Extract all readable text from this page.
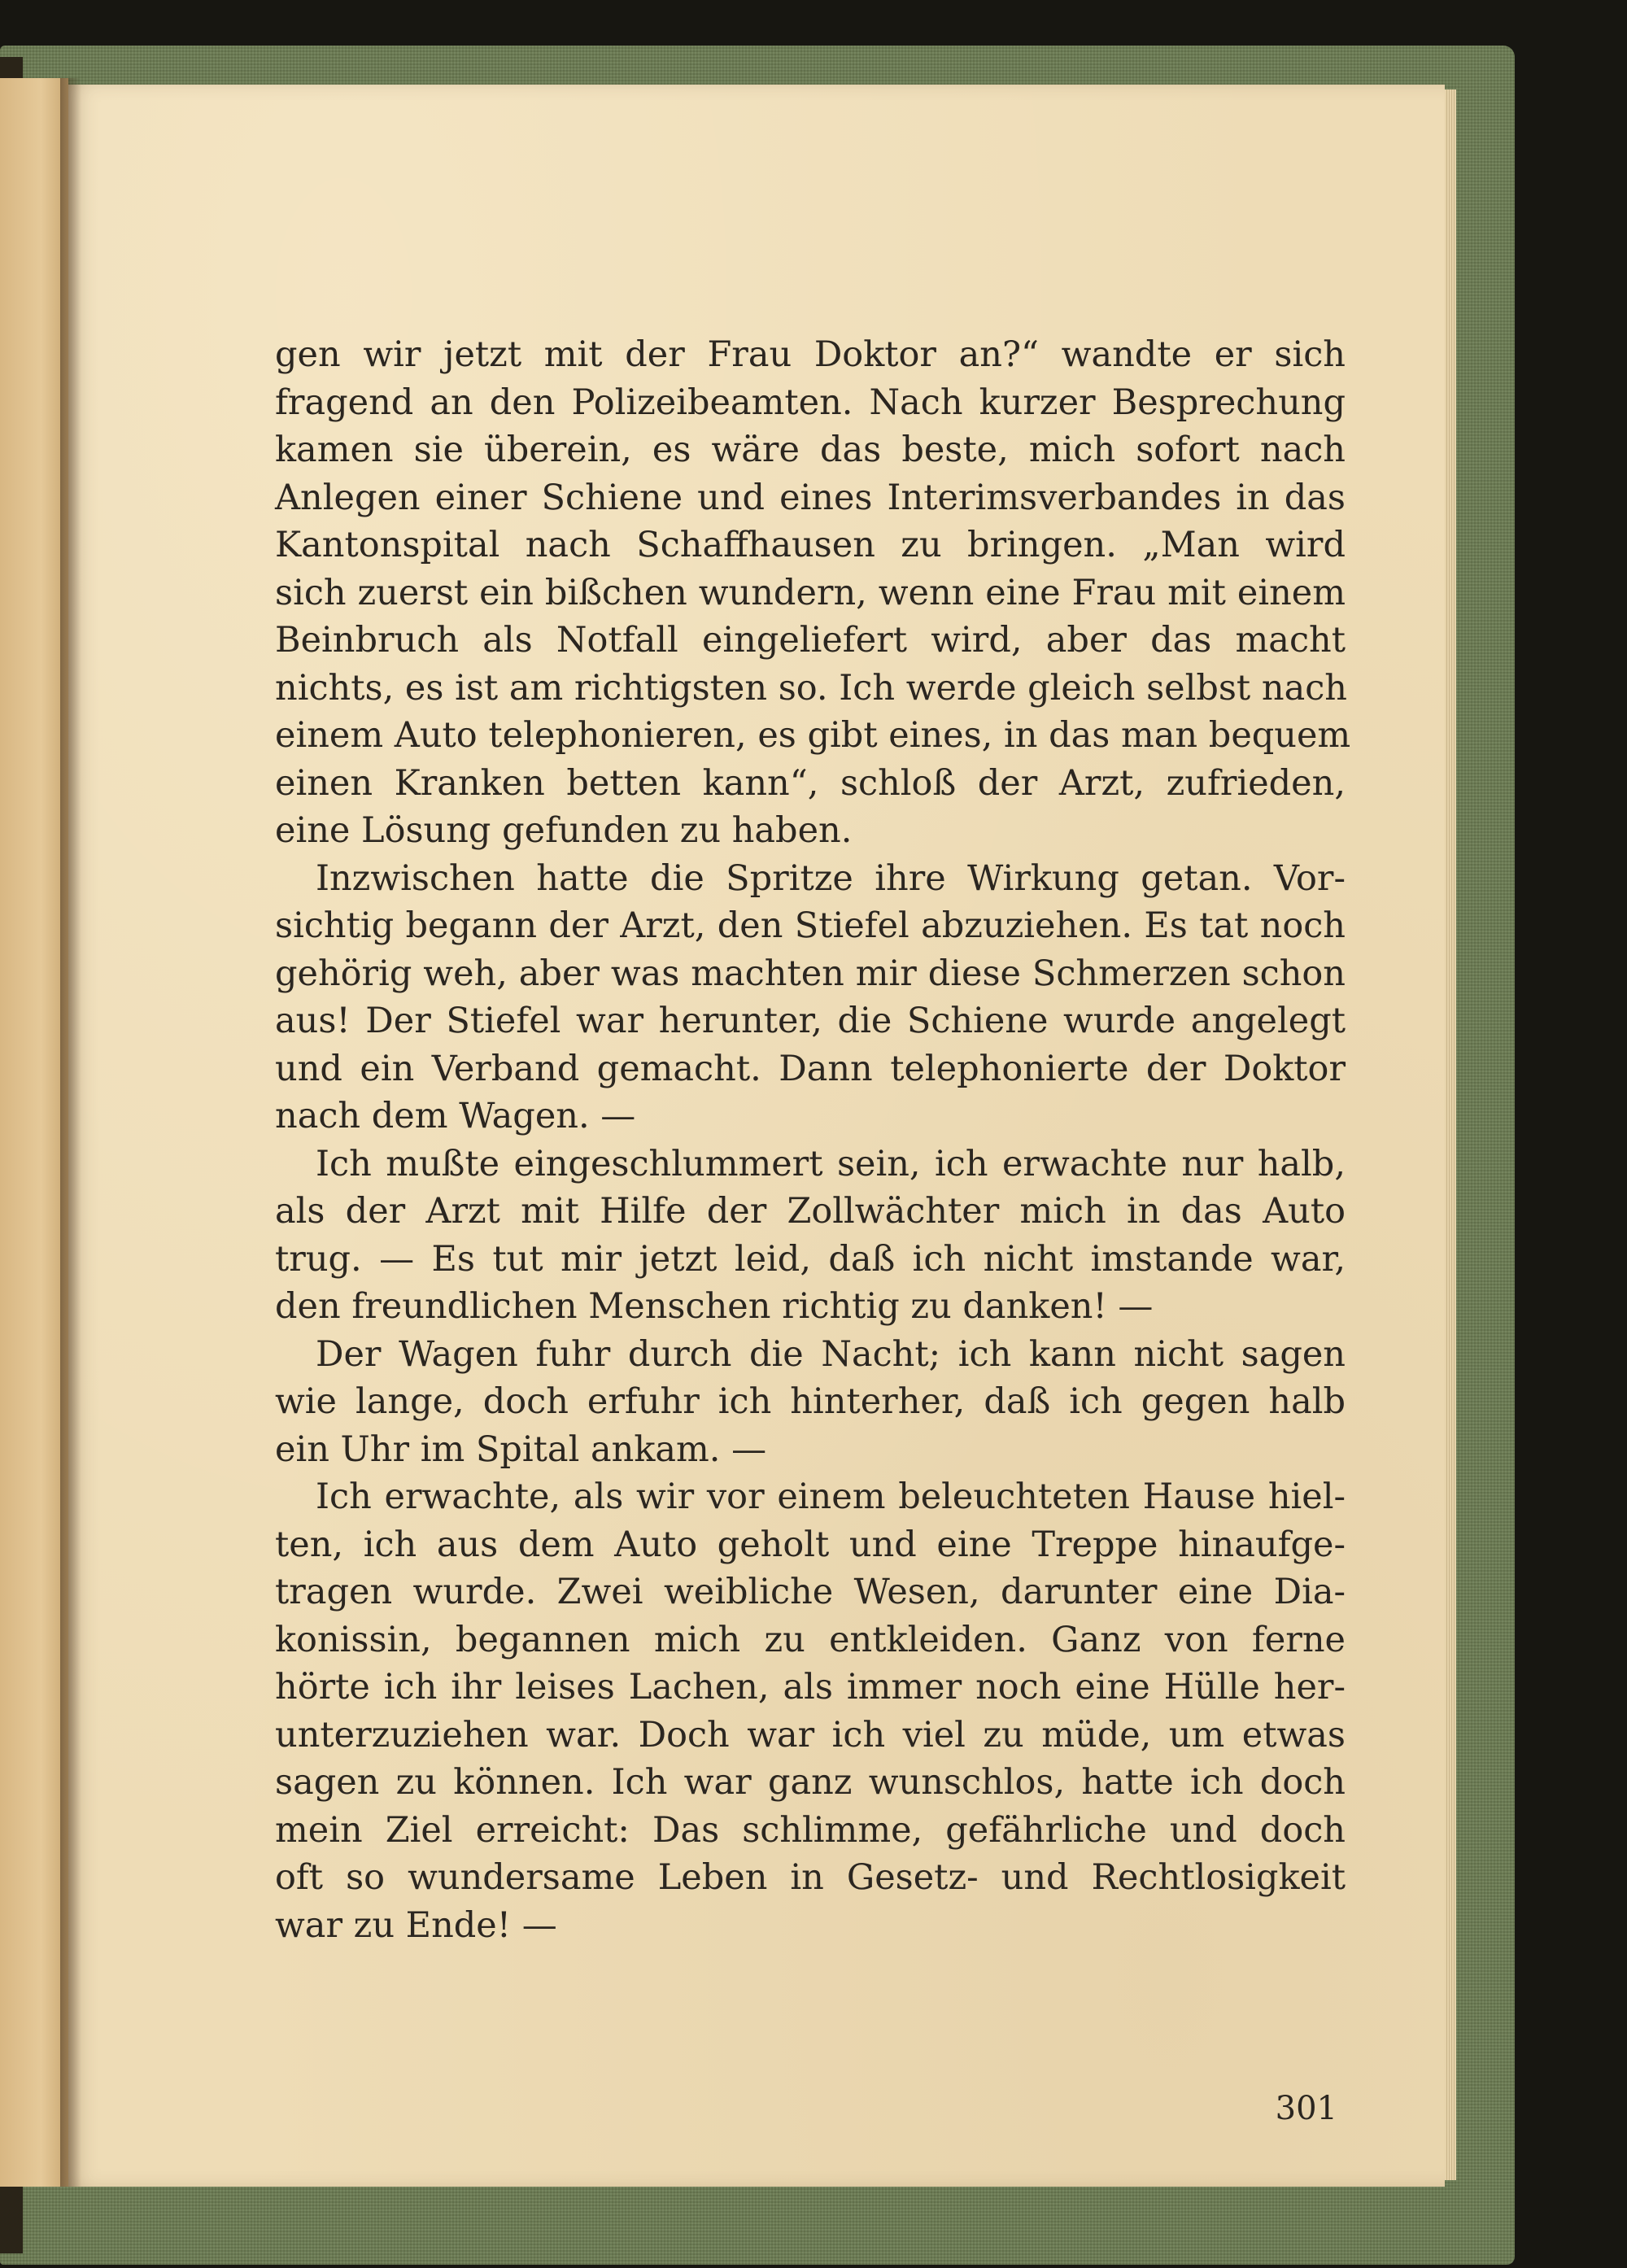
gen wir jetzt mit der Frau Doktor an?“ wandte er sich
fragend an den Polizeibeamten. Nach kurzer Besprechung
kamen sie überein, es wäre das beste, mich sofort nach
Anlegen einer Schiene und eines Interimsverbandes in das
Kantonspital nach Schaffhausen zu bringen. „Man wird
sich zuerst ein bißchen wundern, wenn eine Frau mit einem
Beinbruch als Notfall eingeliefert wird, aber das macht
nichts, es ist am richtigsten so. Ich werde gleich selbst nach
einem Auto telephonieren, es gibt eines, in das man bequem
einen Kranken betten kann“, schloß der Arzt, zufrieden,
eine Lösung gefunden zu haben.
Inzwischen hatte die Spritze ihre Wirkung getan. Vor-
sichtig begann der Arzt, den Stiefel abzuziehen. Es tat noch
gehörig weh, aber was machten mir diese Schmerzen schon
aus! Der Stiefel war herunter, die Schiene wurde angelegt
und ein Verband gemacht. Dann telephonierte der Doktor
nach dem Wagen. —
Ich mußte eingeschlummert sein, ich erwachte nur halb,
als der Arzt mit Hilfe der Zollwächter mich in das Auto
trug. — Es tut mir jetzt leid, daß ich nicht imstande war,
den freundlichen Menschen richtig zu danken! —
Der Wagen fuhr durch die Nacht; ich kann nicht sagen
wie lange, doch erfuhr ich hinterher, daß ich gegen halb
ein Uhr im Spital ankam. —
Ich erwachte, als wir vor einem beleuchteten Hause hiel-
ten, ich aus dem Auto geholt und eine Treppe hinaufge-
tragen wurde. Zwei weibliche Wesen, darunter eine Dia-
konissin, begannen mich zu entkleiden. Ganz von ferne
hörte ich ihr leises Lachen, als immer noch eine Hülle her-
unterzuziehen war. Doch war ich viel zu müde, um etwas
sagen zu können. Ich war ganz wunschlos, hatte ich doch
mein Ziel erreicht: Das schlimme, gefährliche und doch
oft so wundersame Leben in Gesetz- und Rechtlosigkeit
war zu Ende! —
301
